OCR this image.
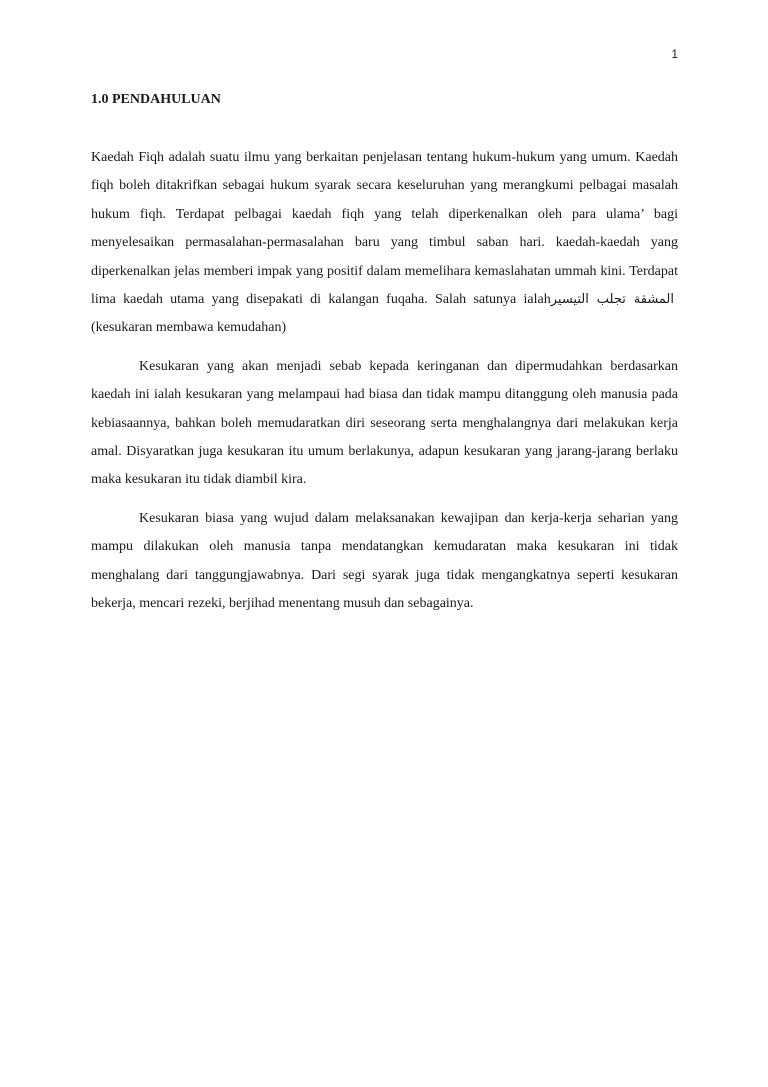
1
1.0 PENDAHULUAN

Kaedah Fiqh adalah suatu ilmu yang berkaitan penjelasan tentang hukum-hukum yang umum. Kaedah fiqh boleh ditakrifkan sebagai hukum syarak secara keseluruhan yang merangkumi pelbagai masalah hukum fiqh. Terdapat pelbagai kaedah fiqh yang telah diperkenalkan oleh para ulama’ bagi menyelesaikan permasalahan-permasalahan baru yang timbul saban hari. kaedah-kaedah yang diperkenalkan jelas memberi impak yang positif dalam memelihara kemaslahatan ummah kini. Terdapat lima kaedah utama yang disepakati di kalangan fuqaha. Salah satunya ialahالمشقة تجلب التيسير (kesukaran membawa kemudahan)

Kesukaran yang akan menjadi sebab kepada keringanan dan dipermudahkan berdasarkan kaedah ini ialah kesukaran yang melampaui had biasa dan tidak mampu ditanggung oleh manusia pada kebiasaannya, bahkan boleh memudaratkan diri seseorang serta menghalangnya dari melakukan kerja amal. Disyaratkan juga kesukaran itu umum berlakunya, adapun kesukaran yang jarang-jarang berlaku maka kesukaran itu tidak diambil kira.

Kesukaran biasa yang wujud dalam melaksanakan kewajipan dan kerja-kerja seharian yang mampu dilakukan oleh manusia tanpa mendatangkan kemudaratan maka kesukaran ini tidak menghalang dari tanggungjawabnya. Dari segi syarak juga tidak mengangkatnya seperti kesukaran bekerja, mencari rezeki, berjihad menentang musuh dan sebagainya.
